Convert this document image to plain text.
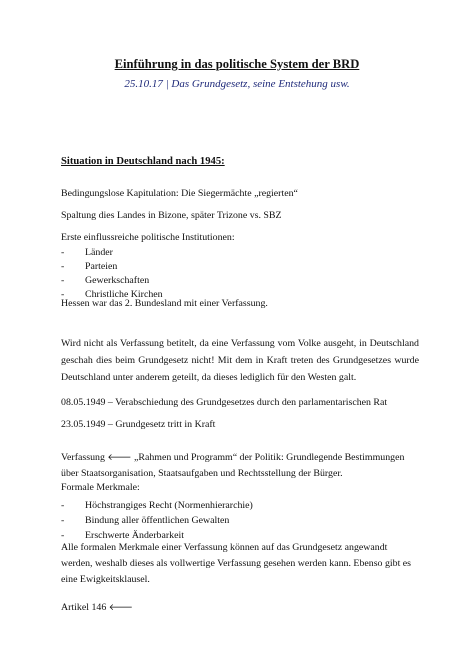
Einführung in das politische System der BRD
25.10.17 | Das Grundgesetz, seine Entstehung usw.
Situation in Deutschland nach 1945:
Bedingungslose Kapitulation: Die Siegermächte „regierten“
Spaltung dies Landes in Bizone, später Trizone vs. SBZ
Erste einflussreiche politische Institutionen:
- Länder
- Parteien
- Gewerkschaften
- Christliche Kirchen
Hessen war das 2. Bundesland mit einer Verfassung.
Wird nicht als Verfassung betitelt, da eine Verfassung vom Volke ausgeht, in Deutschland geschah dies beim Grundgesetz nicht! Mit dem in Kraft treten des Grundgesetzes wurde Deutschland unter anderem geteilt, da dieses lediglich für den Westen galt.
08.05.1949 – Verabschiedung des Grundgesetzes durch den parlamentarischen Rat
23.05.1949 – Grundgesetz tritt in Kraft
Verfassung 🡐 „Rahmen und Programm“ der Politik: Grundlegende Bestimmungen über Staatsorganisation, Staatsaufgaben und Rechtsstellung der Bürger.
Formale Merkmale:
- Höchstrangiges Recht (Normenhierarchie)
- Bindung aller öffentlichen Gewalten
- Erschwerte Änderbarkeit
Alle formalen Merkmale einer Verfassung können auf das Grundgesetz angewandt werden, weshalb dieses als vollwertige Verfassung gesehen werden kann. Ebenso gibt es eine Ewigkeitsklausel.
Artikel 146 🡐
